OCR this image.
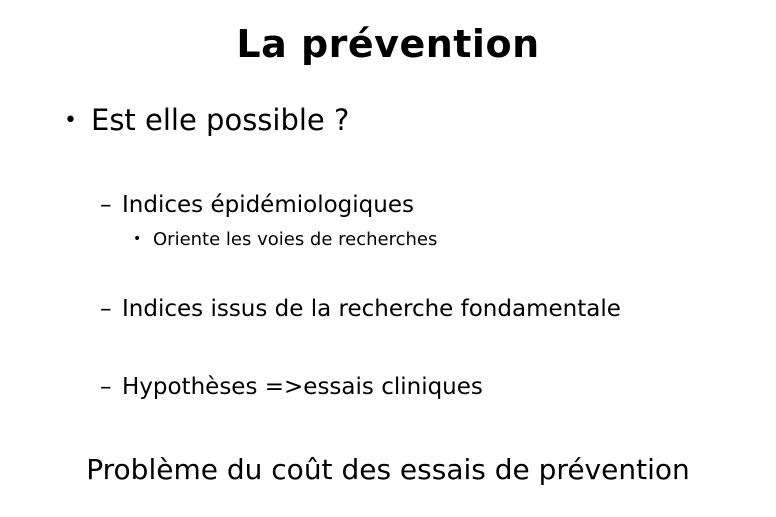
La prévention
• Est elle possible ?
– Indices épidémiologiques
• Oriente les voies de recherches
– Indices issus de la recherche fondamentale
– Hypothèses =>essais cliniques
Problème du coût des essais de prévention
